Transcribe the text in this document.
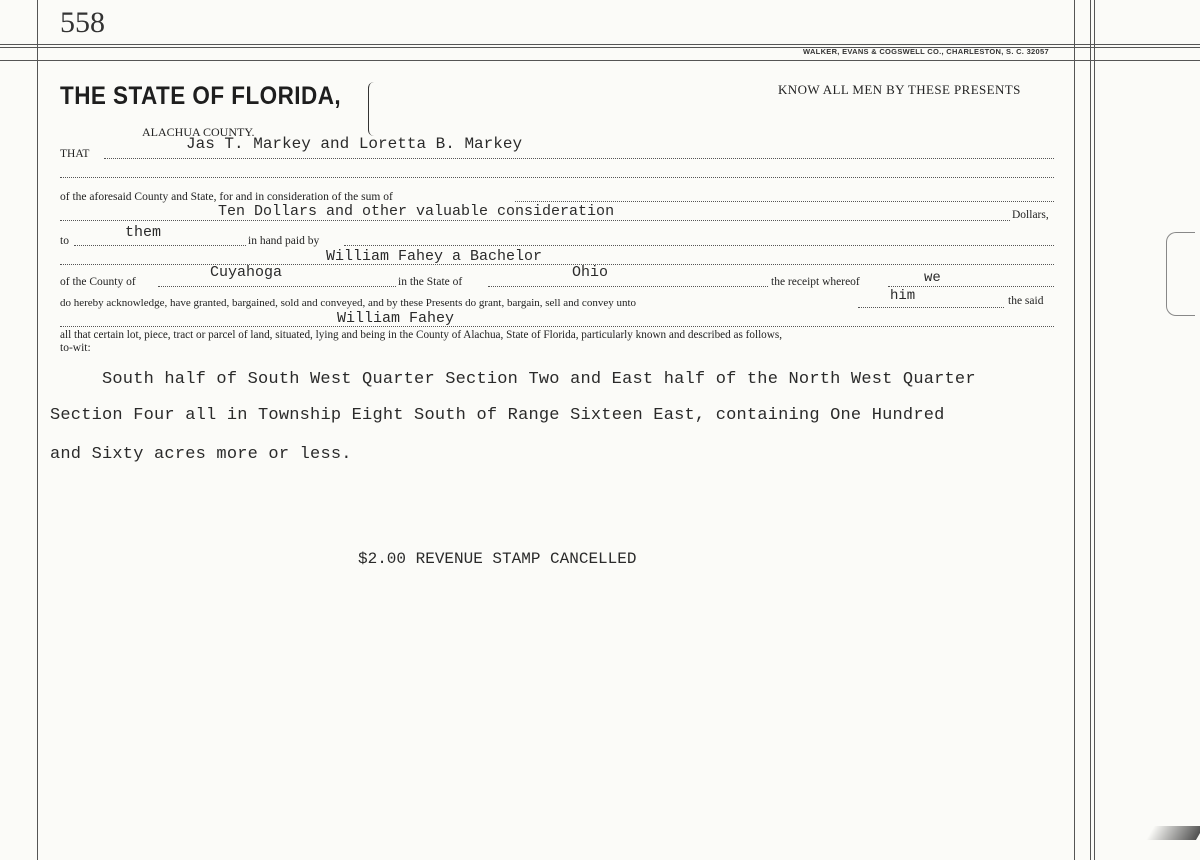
558
WALKER, EVANS & COGSWELL CO., CHARLESTON, S. C. 32057
THE STATE OF FLORIDA,	KNOW ALL MEN BY THESE PRESENTS
ALACHUA COUNTY.
THAT
Jas T. Markey and Loretta B. Markey
of the aforesaid County and State, for and in consideration of the sum of
Ten Dollars and other valuable consideration	Dollars,
them
to	in hand paid by
William Fahey a Bachelor
Cuyahoga	Ohio	we
of the County of	in the State of	the receipt whereof
him
do hereby acknowledge, have granted, bargained, sold and conveyed, and by these Presents do grant, bargain, sell and convey unto	the said
William Fahey
all that certain lot, piece, tract or parcel of land, situated, lying and being in the County of Alachua, State of Florida, particularly known and described as follows,
to-wit:
South half of South West Quarter Section Two and East half of the North West Quarter
Section Four all in Township Eight South of Range Sixteen East, containing One Hundred
and Sixty acres more or less.
$2.00 REVENUE STAMP CANCELLED
